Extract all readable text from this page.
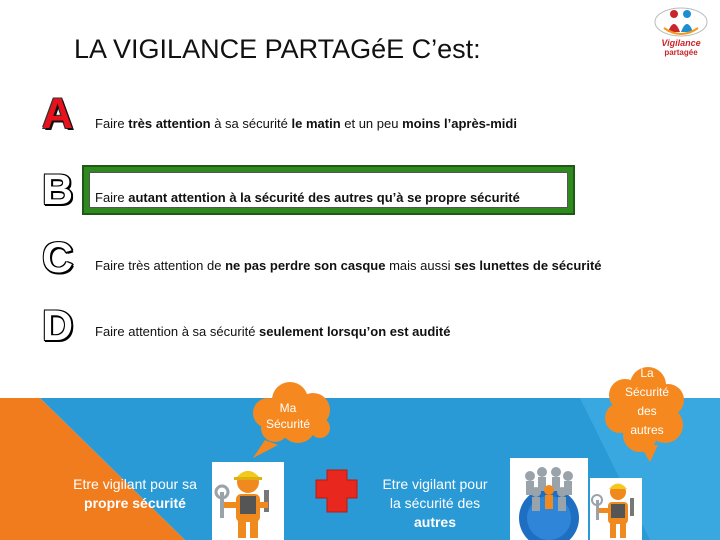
LA VIGILANCE PARTAGéE C’est:	Vigilance
partagée
A
B
C
D
Faire très attention à sa sécurité le matin et un peu moins l’après-midi
Faire autant attention à la sécurité des autres qu’à se propre sécurité
Faire très attention de ne pas perdre son casque mais aussi ses lunettes de sécurité
Faire attention à sa sécurité seulement lorsqu’on est audité
Ma
Sécurité
La
Sécurité
des
autres
Etre vigilant pour sa
propre sécurité
Etre vigilant pour
la sécurité des
autres
